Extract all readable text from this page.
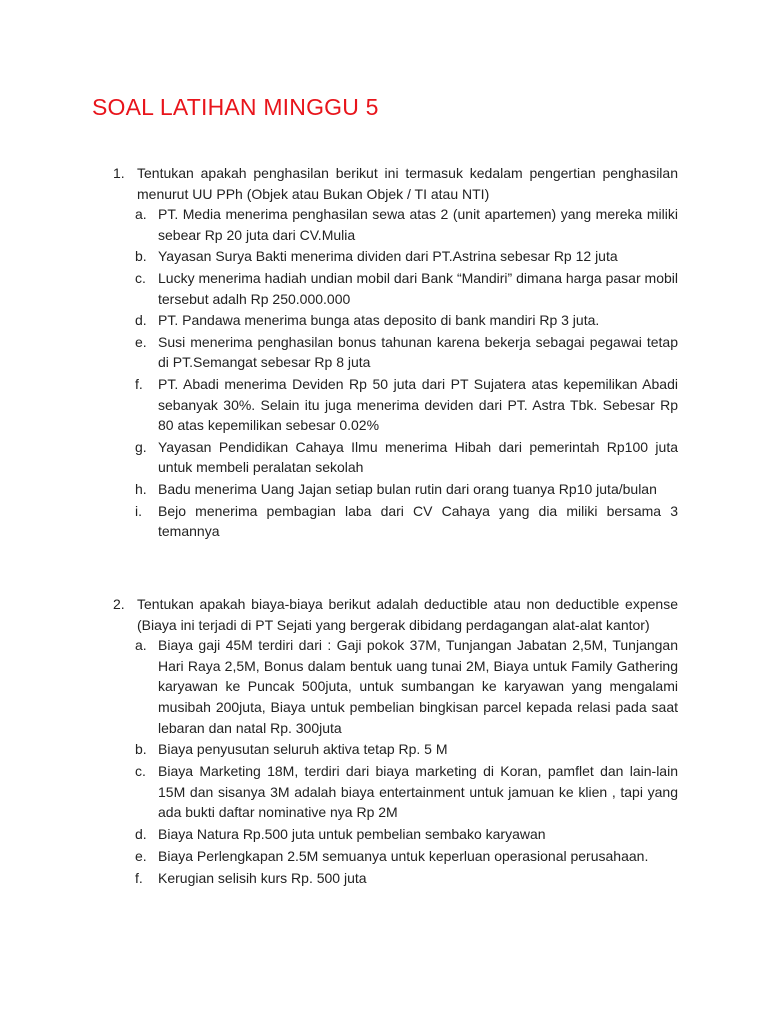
SOAL LATIHAN MINGGU 5
1. Tentukan apakah penghasilan berikut ini termasuk kedalam pengertian penghasilan menurut UU PPh (Objek atau Bukan Objek / TI atau NTI)
a. PT. Media menerima penghasilan sewa atas 2 (unit apartemen) yang mereka miliki sebear Rp 20 juta dari CV.Mulia
b. Yayasan Surya Bakti menerima dividen dari PT.Astrina sebesar Rp 12 juta
c. Lucky menerima hadiah undian mobil dari Bank “Mandiri” dimana harga pasar mobil tersebut adalh Rp 250.000.000
d. PT. Pandawa menerima bunga atas deposito di bank mandiri Rp 3 juta.
e. Susi menerima penghasilan bonus tahunan karena bekerja sebagai pegawai tetap di PT.Semangat sebesar Rp 8 juta
f. PT. Abadi menerima Deviden Rp 50 juta dari PT Sujatera atas kepemilikan Abadi sebanyak 30%. Selain itu juga menerima deviden dari PT. Astra Tbk. Sebesar Rp 80 atas kepemilikan sebesar 0.02%
g. Yayasan Pendidikan Cahaya Ilmu menerima Hibah dari pemerintah Rp100 juta untuk membeli peralatan sekolah
h. Badu menerima Uang Jajan setiap bulan rutin dari orang tuanya Rp10 juta/bulan
i. Bejo menerima pembagian laba dari CV Cahaya yang dia miliki bersama 3 temannya
2. Tentukan apakah biaya-biaya berikut adalah deductible atau non deductible expense (Biaya ini terjadi di PT Sejati yang bergerak dibidang perdagangan alat-alat kantor)
a. Biaya gaji 45M terdiri dari : Gaji pokok 37M, Tunjangan Jabatan 2,5M, Tunjangan Hari Raya 2,5M, Bonus dalam bentuk uang tunai 2M, Biaya untuk Family Gathering karyawan ke Puncak 500juta, untuk sumbangan ke karyawan yang mengalami musibah 200juta, Biaya untuk pembelian bingkisan parcel kepada relasi pada saat lebaran dan natal Rp. 300juta
b. Biaya penyusutan seluruh aktiva tetap Rp. 5 M
c. Biaya Marketing 18M, terdiri dari biaya marketing di Koran, pamflet dan lain-lain 15M dan sisanya 3M adalah biaya entertainment untuk jamuan ke klien , tapi yang ada bukti daftar nominative nya Rp 2M
d. Biaya Natura Rp.500 juta untuk pembelian sembako karyawan
e. Biaya Perlengkapan 2.5M semuanya untuk keperluan operasional perusahaan.
f. Kerugian selisih kurs Rp. 500 juta
